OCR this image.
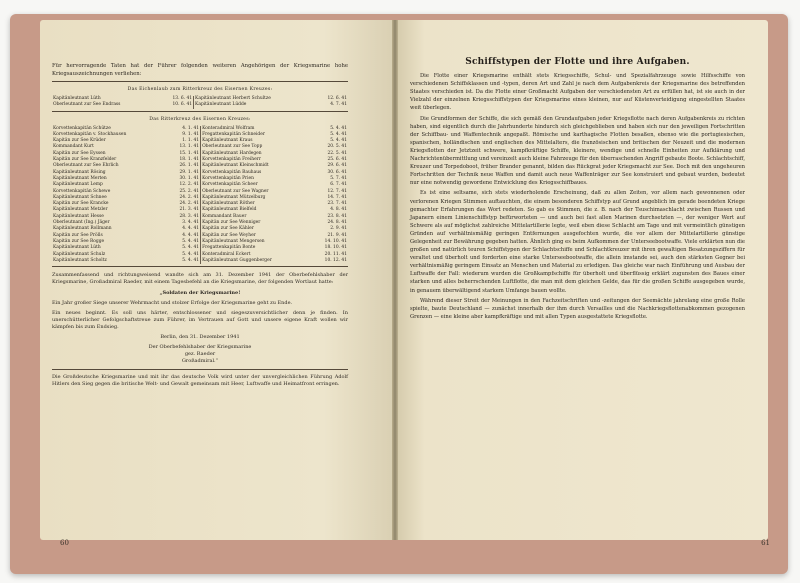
Für hervorragende Taten hat der Führer folgenden weiteren Angehörigen der Kriegsmarine hohe Kriegsauszeichnungen verliehen:

Das Eichenlaub zum Ritterkreuz des Eisernen Kreuzes:
Kapitänleutnant Lüth	13. 6. 41	Kapitänleutnant Herbert Schultze	12. 6. 41
Oberleutnant zur See Endrass	10. 6. 41	Kapitänleutnant Lüdde	4. 7. 41
Das Ritterkreuz des Eisernen Kreuzes:
Korvettenkapitän Schütze	4. 1. 41	Konteradmiral Wolfram	5. 4. 41
Korvettenkapitän v. Stockhausen	9. 1. 41	Fregattenkapitän Schneider	5. 4. 41
Kapitän zur See Krüder	1. 1. 41	Kapitänleutnant Kraus	5. 4. 41
Kommandant Kurt	13. 1. 41	Oberleutnant zur See Topp	20. 5. 41
Kapitän zur See Eyssen	15. 1. 41	Kapitänleutnant Hardegen	22. 5. 41
Kapitän zur See Kranzfelder	18. 1. 41	Korvettenkapitän Freiherr	25. 6. 41
Oberleutnant zur See Ehrlich	26. 1. 41	Kapitänleutnant Kleinschmidt	29. 6. 41
Kapitänleutnant Rösing	29. 1. 41	Korvettenkapitän Bauhaus	30. 6. 41
Kapitänleutnant Merten	30. 1. 41	Korvettenkapitän Prien	5. 7. 41
Kapitänleutnant Lemp	12. 2. 41	Korvettenkapitän Scheer	6. 7. 41
Korvettenkapitän Schewe	25. 2. 41	Oberleutnant zur See Wagner	12. 7. 41
Kapitänleutnant Schnee	24. 2. 41	Kapitänleutnant Mützelburg	14. 7. 41
Kapitän zur See Krancke	24. 2. 41	Kapitänleutnant Röther	23. 7. 41
Kapitänleutnant Metzler	21. 3. 41	Kapitänleutnant Bielfeld	4. 8. 41
Kapitänleutnant Hesse	28. 3. 41	Kommandant Bauer	23. 8. 41
Oberleutnant (Ing.) Jäger	3. 4. 41	Kapitän zur See Wenniger	24. 8. 41
Kapitänleutnant Rollmann	4. 4. 41	Kapitän zur See Kähler	2. 9. 41
Kapitän zur See Prölls	4. 4. 41	Kapitän zur See Weyher	21. 9. 41
Kapitän zur See Rogge	5. 4. 41	Kapitänleutnant Mengersen	14. 10. 41
Kapitänleutnant Lüth	5. 4. 41	Fregattenkapitän Bonte	18. 10. 41
Kapitänleutnant Schulz	5. 4. 41	Konteradmiral Eckert	20. 11. 41
Kapitänleutnant Scholtz	5. 4. 41	Kapitänleutnant Guggenberger	10. 12. 41

Zusammenfassend und richtungweisend wandte sich am 31. Dezember 1941 der Oberbefehlshaber der Kriegsmarine, Großadmiral Raeder, mit einem Tagesbefehl an die Kriegsmarine, der folgenden Wortlaut hatte:

„Soldaten der Kriegsmarine!

Ein Jahr großer Siege unserer Wehrmacht und stolzer Erfolge der Kriegsmarine geht zu Ende.

Ein neues beginnt. Es soll uns härter, entschlossener und siegeszuversichtlicher denn je finden. In unerschütterlicher Gefolgschaftstreue zum Führer, im Vertrauen auf Gott und unsere eigene Kraft wollen wir kämpfen bis zum Endsieg.

Berlin, den 31. Dezember 1941

Der Oberbefehlshaber der Kriegsmarine
gez. Raeder
Großadmiral.“

Die Großdeutsche Kriegsmarine und mit ihr das deutsche Volk wird unter der unvergleichlichen Führung Adolf Hitlers den Sieg gegen die britische Welt- und Gewalt gemeinsam mit Heer, Luftwaffe und Heimatfront erringen.

60
Schiffstypen der Flotte und ihre Aufgaben.

Die Flotte einer Kriegsmarine enthält stets Kriegsschiffe, Schul- und Spezialfahrzeuge sowie Hilfsschiffe von verschiedenen Schiffsklassen und -typen, deren Art und Zahl je nach dem Aufgabenkreis der Kriegsmarine des betreffenden Staates verschieden ist. Da die Flotte einer Großmacht Aufgaben der verschiedensten Art zu erfüllen hat, ist sie auch in der Vielzahl der einzelnen Kriegsschiffstypen der Kriegsmarine eines kleinen, nur auf Küstenverteidigung eingestellten Staates weit überlegen.

Die Grundformen der Schiffe, die sich gemäß den Grundaufgaben jeder Kriegsflotte nach deren Aufgabenkreis zu richten haben, sind eigentlich durch die Jahrhunderte hindurch sich gleichgeblieben und haben sich nur den jeweiligen Fortschritten der Schiffbau- und Waffentechnik angepaßt. Römische und karthagische Flotten besaßen, ebenso wie die portugiesischen, spanischen, holländischen und englischen des Mittelalters, die französischen und britischen der Neuzeit und die modernen Kriegsflotten der Jetztzeit schwere, kampfkräftige Schiffe, kleinere, wendige und schnelle Einheiten zur Aufklärung und Nachrichtenübermittlung und vereinzelt auch kleine Fahrzeuge für den überraschenden Angriff gebaute Boote. Schlachtschiff, Kreuzer und Torpedoboot, früher Brander genannt, bilden das Rückgrat jeder Kriegsmacht zur See. Doch mit den ungeheuren Fortschritten der Technik neue Waffen und damit auch neue Waffenträger zur See konstruiert und gebaut wurden, bedeutet nur eine notwendig gewordene Entwicklung des Kriegsschiffbaues.

Es ist eine seltsame, sich stets wiederholende Erscheinung, daß zu allen Zeiten, vor allem nach gewonnenen oder verlorenen Kriegen Stimmen auftauchten, die einem besonderen Schiffstyp auf Grund angeblich im gerade beendeten Kriege gemachter Erfahrungen das Wort redeten. So gab es Stimmen, die z. B. nach der Tsuschimaschlacht zwischen Russen und Japanern einem Linienschiffstyp befürworteten — und auch bei fast allen Marinen durchsetzten —, der weniger Wert auf Schwere als auf möglichst zahlreiche Mittelartillerie legte, weil eben diese Schlacht am Tage und mit vermeintlich günstigen Gründen auf verhältnismäßig geringen Entfernungen ausgefochten wurde, die vor allem der Mittelartillerie günstige Gelegenheit zur Bewährung gegeben hatten. Ähnlich ging es beim Aufkommen der Unterseebootwaffe. Viele erklärten nun die großen und natürlich teuren Schiffstypen der Schlachtschiffe und Schlachtkreuzer mit ihren gewaltigen Besatzungsziffern für veraltet und überholt und forderten eine starke Unterseebootwaffe, die allein imstande sei, auch den stärksten Gegner bei verhältnismäßig geringem Einsatz an Menschen und Material zu erledigen. Das gleiche war nach Einführung und Ausbau der Luftwaffe der Fall: wiederum wurden die Großkampfschiffe für überholt und überflüssig erklärt zugunsten des Baues einer starken und alles beherrschenden Luftflotte, die man mit dem gleichen Gelde, das für die großen Schiffe ausgegeben wurde, in genauem überwältigend starkem Umfange bauen wollte.

Während dieser Streit der Meinungen in den Fachzeitschriften und -zeitungen der Seemächte jahrelang eine große Rolle spielte, baute Deutschland — zunächst innerhalb der ihm durch Versailles und die Nachkriegsflottenabkommen gezogenen Grenzen — eine kleine aber kampfkräftige und mit allen Typen ausgestattete Kriegsflotte.

61
